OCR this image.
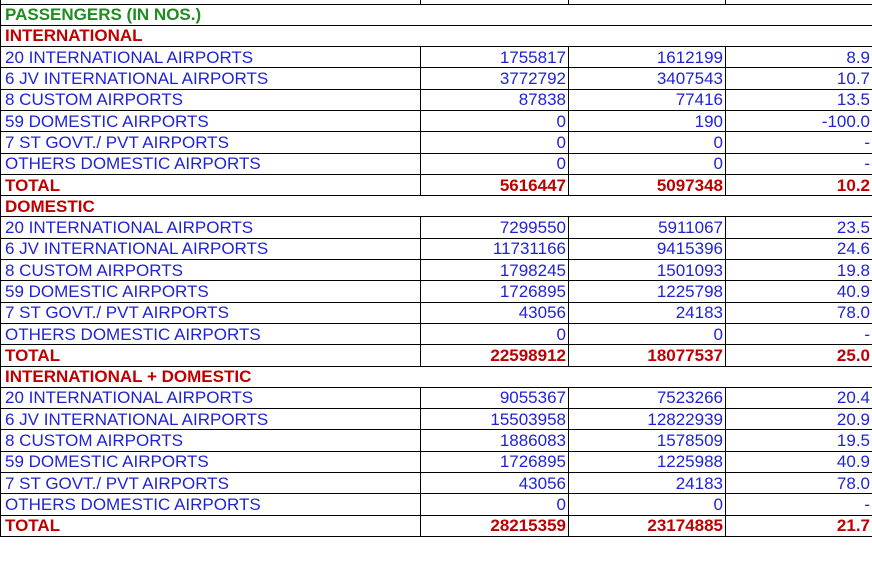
PASSENGERS (IN NOS.)			
INTERNATIONAL			
20 INTERNATIONAL AIRPORTS	1755817	1612199	8.9
6 JV INTERNATIONAL AIRPORTS	3772792	3407543	10.7
8 CUSTOM AIRPORTS	87838	77416	13.5
59 DOMESTIC AIRPORTS	0	190	-100.0
7 ST GOVT./ PVT AIRPORTS	0	0	-
OTHERS DOMESTIC AIRPORTS	0	0	-
TOTAL	5616447	5097348	10.2
DOMESTIC			
20 INTERNATIONAL AIRPORTS	7299550	5911067	23.5
6 JV INTERNATIONAL AIRPORTS	11731166	9415396	24.6
8 CUSTOM AIRPORTS	1798245	1501093	19.8
59 DOMESTIC AIRPORTS	1726895	1225798	40.9
7 ST GOVT./ PVT AIRPORTS	43056	24183	78.0
OTHERS DOMESTIC AIRPORTS	0	0	-
TOTAL	22598912	18077537	25.0
INTERNATIONAL + DOMESTIC			
20 INTERNATIONAL AIRPORTS	9055367	7523266	20.4
6 JV INTERNATIONAL AIRPORTS	15503958	12822939	20.9
8 CUSTOM AIRPORTS	1886083	1578509	19.5
59 DOMESTIC AIRPORTS	1726895	1225988	40.9
7 ST GOVT./ PVT AIRPORTS	43056	24183	78.0
OTHERS DOMESTIC AIRPORTS	0	0	-
TOTAL	28215359	23174885	21.7
